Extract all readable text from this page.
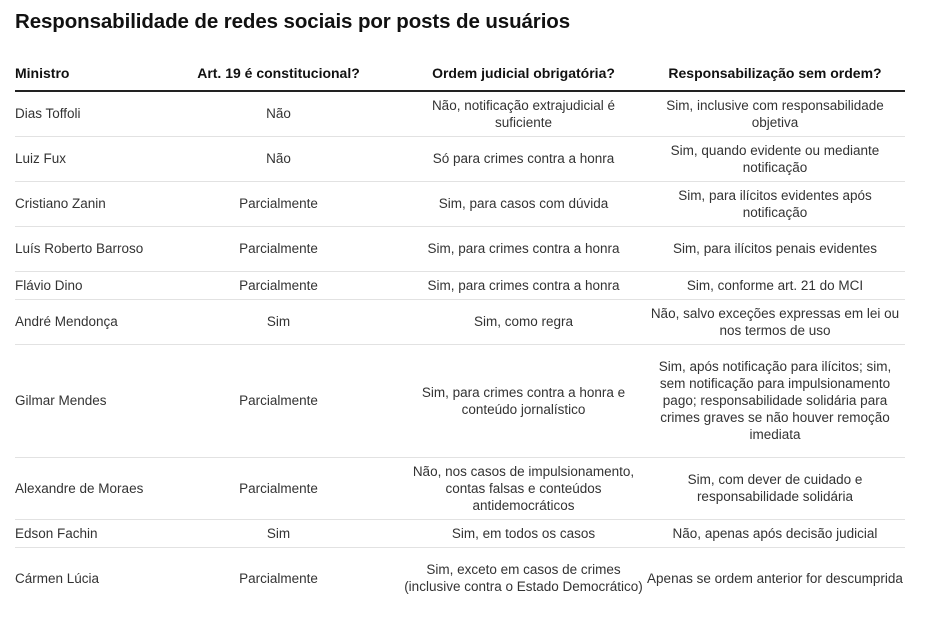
Responsabilidade de redes sociais por posts de usuários
Ministro	Art. 19 é constitucional?	Ordem judicial obrigatória?	Responsabilização sem ordem?
Dias Toffoli	Não	Não, notificação extrajudicial é suficiente	Sim, inclusive com responsabilidade objetiva
Luiz Fux	Não	Só para crimes contra a honra	Sim, quando evidente ou mediante notificação
Cristiano Zanin	Parcialmente	Sim, para casos com dúvida	Sim, para ilícitos evidentes após notificação
Luís Roberto Barroso	Parcialmente	Sim, para crimes contra a honra	Sim, para ilícitos penais evidentes
Flávio Dino	Parcialmente	Sim, para crimes contra a honra	Sim, conforme art. 21 do MCI
André Mendonça	Sim	Sim, como regra	Não, salvo exceções expressas em lei ou nos termos de uso
Gilmar Mendes	Parcialmente	Sim, para crimes contra a honra e conteúdo jornalístico	Sim, após notificação para ilícitos; sim, sem notificação para impulsionamento pago; responsabilidade solidária para crimes graves se não houver remoção imediata
Alexandre de Moraes	Parcialmente	Não, nos casos de impulsionamento, contas falsas e conteúdos antidemocráticos	Sim, com dever de cuidado e responsabilidade solidária
Edson Fachin	Sim	Sim, em todos os casos	Não, apenas após decisão judicial
Cármen Lúcia	Parcialmente	Sim, exceto em casos de crimes (inclusive contra o Estado Democrático)	Apenas se ordem anterior for descumprida
